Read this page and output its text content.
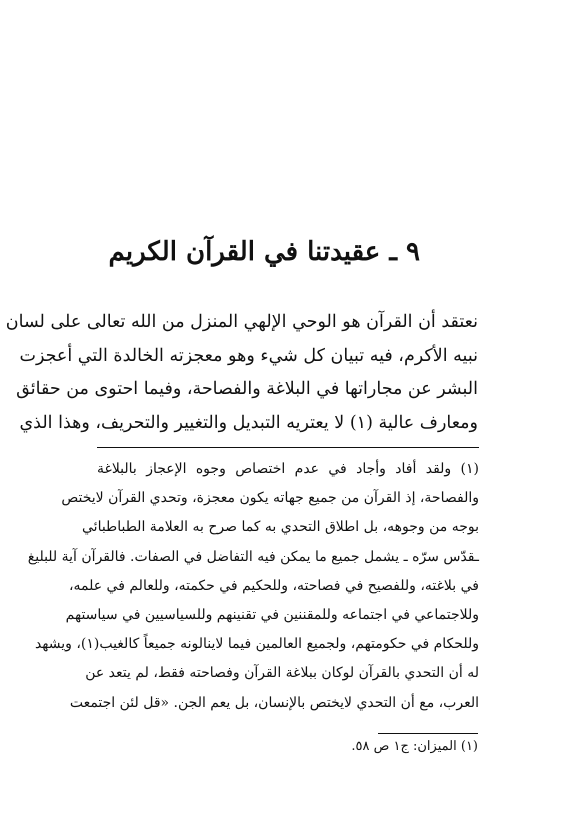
٩ ـ عقيدتنا في القرآن الكريم
نعتقد أن القرآن هو الوحي الإلهي المنزل من الله تعالى على لسان
نبيه الأكرم، فيه تبيان كل شيء وهو معجزته الخالدة التي أعجزت
البشر عن مجاراتها في البلاغة والفصاحة، وفيما احتوى من حقائق
ومعارف عالية (١) لا يعتريه التبديل والتغيير والتحريف، وهذا الذي
(١) ولقد أفاد وأجاد في عدم اختصاص وجوه الإعجاز بالبلاغة
والفصاحة، إذ القرآن من جميع جهاته يكون معجزة، وتحدي القرآن لايختص
بوجه من وجوهه، بل اطلاق التحدي به كما صرح به العلامة الطباطبائي
ـقدّس سرّه ـ يشمل جميع ما يمكن فيه التفاضل في الصفات. فالقرآن آية للبليغ
في بلاغته، وللفصيح في فصاحته، وللحكيم في حكمته، وللعالم في علمه،
وللاجتماعي في اجتماعه وللمقننين في تقنينهم وللسياسيين في سياستهم
وللحكام في حكومتهم، ولجميع العالمين فيما لاينالونه جميعاً كالغيب(١)، ويشهد
له أن التحدي بالقرآن لوكان ببلاغة القرآن وفصاحته فقط، لم يتعد عن
العرب، مع أن التحدي لايختص بالإنسان، بل يعم الجن. «قل لئن اجتمعت
(١) الميزان: ج١ ص ٥٨.
